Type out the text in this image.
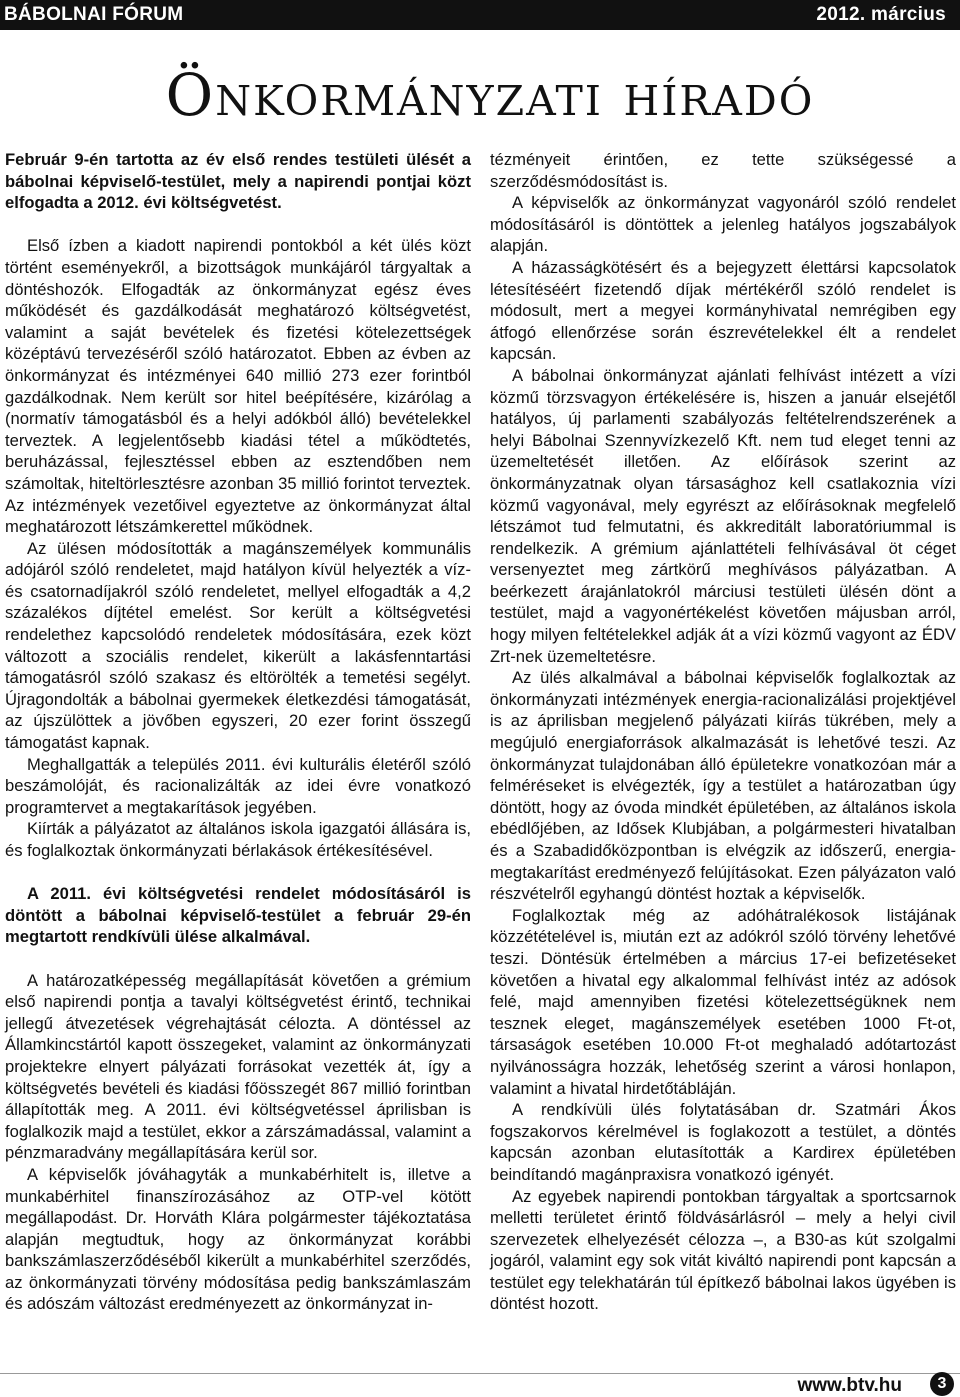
BÁBOLNAI FÓRUM	2012. március
Önkormányzati híradó

Február 9-én tartotta az év első rendes testületi ülését a bábolnai képviselő-testület, mely a napirendi pontjai közt elfogadta a 2012. évi költségvetést.

Első ízben a kiadott napirendi pontokból a két ülés közt történt eseményekről, a bizottságok munkájáról tárgyaltak a döntéshozók. Elfogadták az önkormányzat egész éves működését és gazdálkodását meghatározó költségvetést, valamint a saját bevételek és fizetési kötelezettségek középtávú tervezéséről szóló határozatot. Ebben az évben az önkormányzat és intézményei 640 millió 273 ezer forintból gazdálkodnak. Nem került sor hitel beépítésére, kizárólag a (normatív támogatásból és a helyi adókból álló) bevételekkel terveztek. A legjelentősebb kiadási tétel a működtetés, beruházással, fejlesztéssel ebben az esztendőben nem számoltak, hiteltörlesztésre azonban 35 millió forintot terveztek. Az intézmények vezetőivel egyeztetve az önkormányzat által meghatározott létszámkerettel működnek.

Az ülésen módosították a magánszemélyek kommunális adójáról szóló rendeletet, majd hatályon kívül helyezték a víz- és csatornadíjakról szóló rendeletet, mellyel elfogadták a 4,2 százalékos díjtétel emelést. Sor került a költségvetési rendelethez kapcsolódó rendeletek módosítására, ezek közt változott a szociális rendelet, kikerült a lakásfenntartási támogatásról szóló szakasz és eltörölték a temetési segélyt. Újragondolták a bábolnai gyermekek életkezdési támogatását, az újszülöttek a jövőben egyszeri, 20 ezer forint összegű támogatást kapnak.

Meghallgatták a település 2011. évi kulturális életéről szóló beszámolóját, és racionalizálták az idei évre vonatkozó programtervet a megtakarítások jegyében.

Kiírták a pályázatot az általános iskola igazgatói állására is, és foglalkoztak önkormányzati bérlakások értékesítésével.

A 2011. évi költségvetési rendelet módosításáról is döntött a bábolnai képviselő-testület a február 29-én megtartott rendkívüli ülése alkalmával.

A határozatképesség megállapítását követően a grémium első napirendi pontja a tavalyi költségvetést érintő, technikai jellegű átvezetések végrehajtását célozta. A döntéssel az Államkincstártól kapott összegeket, valamint az önkormányzati projektekre elnyert pályázati forrásokat vezették át, így a költségvetés bevételi és kiadási főösszegét 867 millió forintban állapították meg. A 2011. évi költségvetéssel áprilisban is foglalkozik majd a testület, ekkor a zárszámadással, valamint a pénzmaradvány megállapítására kerül sor.

A képviselők jóváhagyták a munkabérhitelt is, illetve a munkabérhitel finanszírozásához az OTP-vel kötött megállapodást. Dr. Horváth Klára polgármester tájékoztatása alapján megtudtuk, hogy az önkormányzat korábbi bankszámlaszerződéséből kikerült a munkabérhitel szerződés, az önkormányzati törvény módosítása pedig bankszámlaszám és adószám változást eredményezett az önkormányzat in-

tézményeit érintően, ez tette szükségessé a szerződésmódosítást is.

A képviselők az önkormányzat vagyonáról szóló rendelet módosításáról is döntöttek a jelenleg hatályos jogszabályok alapján.

A házasságkötésért és a bejegyzett élettársi kapcsolatok létesítéséért fizetendő díjak mértékéről szóló rendelet is módosult, mert a megyei kormányhivatal nemrégiben egy átfogó ellenőrzése során észrevételekkel élt a rendelet kapcsán.

A bábolnai önkormányzat ajánlati felhívást intézett a vízi közmű törzsvagyon értékelésére is, hiszen a január elsejétől hatályos, új parlamenti szabályozás feltételrendszerének a helyi Bábolnai Szennyvízkezelő Kft. nem tud eleget tenni az üzemeltetését illetően. Az előírások szerint az önkormányzatnak olyan társasághoz kell csatlakoznia vízi közmű vagyonával, mely egyrészt az előírásoknak megfelelő létszámot tud felmutatni, és akkreditált laboratóriummal is rendelkezik. A grémium ajánlattételi felhívásával öt céget versenyeztet meg zártkörű meghívásos pályázatban. A beérkezett árajánlatokról márciusi testületi ülésén dönt a testület, majd a vagyonértékelést követően májusban arról, hogy milyen feltételekkel adják át a vízi közmű vagyont az ÉDV Zrt-nek üzemeltetésre.

Az ülés alkalmával a bábolnai képviselők foglalkoztak az önkormányzati intézmények energia-racionalizálási projektjével is az áprilisban megjelenő pályázati kiírás tükrében, mely a megújuló energiaforrások alkalmazását is lehetővé teszi. Az önkormányzat tulajdonában álló épületekre vonatkozóan már a felméréseket is elvégezték, így a testület a határozatban úgy döntött, hogy az óvoda mindkét épületében, az általános iskola ebédlőjében, az Idősek Klubjában, a polgármesteri hivatalban és a Szabadidőközpontban is elvégzik az időszerű, energia-megtakarítást eredményező felújításokat. Ezen pályázaton való részvételről egyhangú döntést hoztak a képviselők.

Foglalkoztak még az adóhátralékosok listájának közzétételével is, miután ezt az adókról szóló törvény lehetővé teszi. Döntésük értelmében a március 17-ei befizetéseket követően a hivatal egy alkalommal felhívást intéz az adósok felé, majd amennyiben fizetési kötelezettségüknek nem tesznek eleget, magánszemélyek esetében 1000 Ft-ot, társaságok esetében 10.000 Ft-ot meghaladó adótartozást nyilvánosságra hozzák, lehetőség szerint a városi honlapon, valamint a hivatal hirdetőtábláján.

A rendkívüli ülés folytatásában dr. Szatmári Ákos fogszakorvos kérelmével is foglakozott a testület, a döntés kapcsán azonban elutasították a Kardirex épületében beindítandó magánpraxisra vonatkozó igényét.

Az egyebek napirendi pontokban tárgyaltak a sportcsarnok melletti területet érintő földvásárlásról – mely a helyi civil szervezetek elhelyezését célozza –, a B30-as kút szolgalmi jogáról, valamint egy sok vitát kiváltó napirendi pont kapcsán a testület egy telekhatárán túl építkező bábolnai lakos ügyében is döntést hozott.

www.btv.hu	3
